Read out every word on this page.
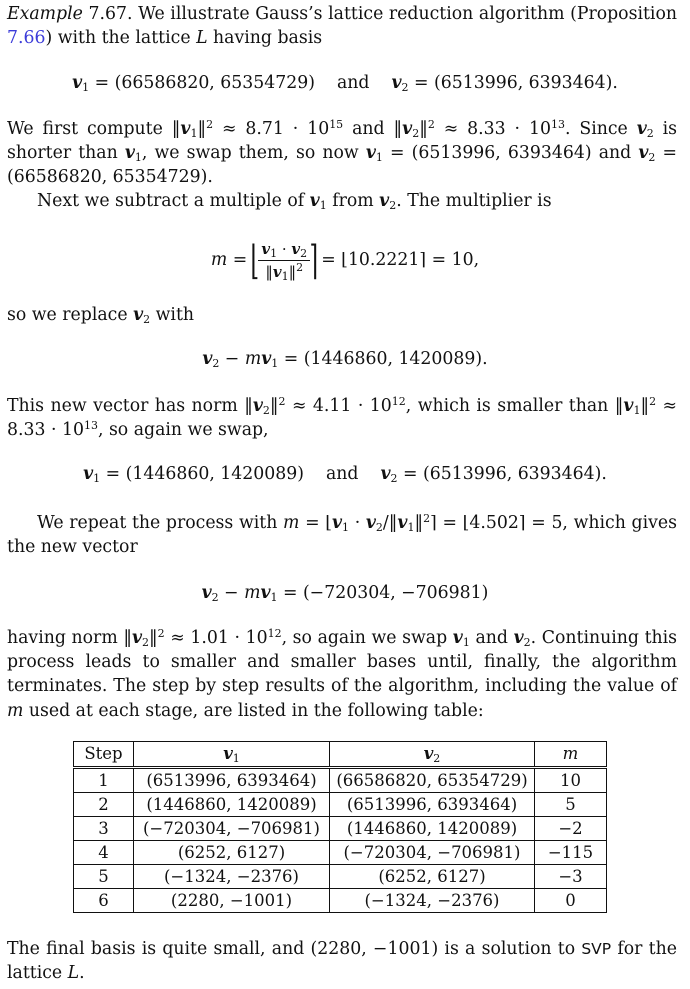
Example 7.67. We illustrate Gauss’s lattice reduction algorithm (Proposition 7.66) with the lattice L having basis

$v_1 = (66586820$, 65354729) and $v_2 = (6513996$, 6393464).

We first compute $‖v_1‖^2 \approx 8.71 \cdot 10^{15}$ and $‖v_2‖^2 \approx 8.33 \cdot 10^{13}$. Since $v_2$ is shorter than $v_1$, we swap them, so now $v_1 = (6513996$, 6393464) and $v_2 = (66586820$, 65354729).

Next we subtract a multiple of $v_1$ from $v_2$. The multiplier is

m = ⌊ $\frac{v_1 \cdot v_2}{‖v_1‖^2}$ ⌉ = ⌊10.2221⌉ = 10,

so we replace $v_2$ with

$v_2 - mv_1 = (1446860$, 1420089).

This new vector has norm $‖v_2‖^2 \approx 4.11 \cdot 10^{12}$, which is smaller than $‖v_1‖^2 \approx 8.33 \cdot 10^{13}$, so again we swap,

$v_1 = (1446860$, 1420089) and $v_2 = (6513996$, 6393464).

We repeat the process with $m = ⌊v_1$ · $v_2/‖v_1‖^2⌉$ = ⌊4.502⌉ = 5, which gives the new vector

$v_2 - mv_1 = (-720304$, −706981)

having norm $‖v_2‖^2 \approx 1.01 \cdot 10^{12}$, so again we swap $v_1$ and $v_2$. Continuing this process leads to smaller and smaller bases until, finally, the algorithm terminates. The step by step results of the algorithm, including the value of m used at each stage, are listed in the following table:

Step	$v_1$	$v_2$	m
1	(6513996, 6393464)	(66586820, 65354729)	10
2	(1446860, 1420089)	(6513996, 6393464)	5
3	(−720304, −706981)	(1446860, 1420089)	−2
4	(6252, 6127)	(−720304, −706981)	−115
5	(−1324, −2376)	(6252, 6127)	−3
6	(2280, −1001)	(−1324, −2376)	0

The final basis is quite small, and (2280, −1001) is a solution to SVP for the lattice L.
